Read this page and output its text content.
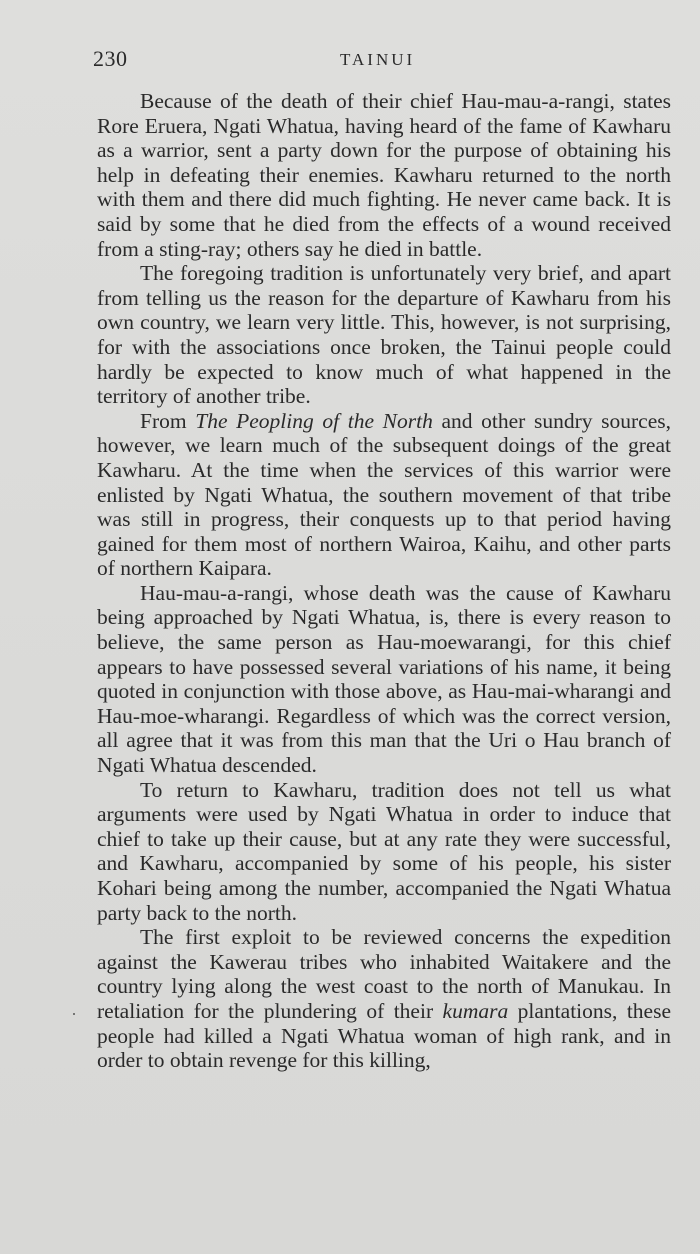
230	TAINUI

Because of the death of their chief Hau-mau-a-rangi, states Rore Eruera, Ngati Whatua, having heard of the fame of Kawharu as a warrior, sent a party down for the purpose of obtaining his help in defeating their enemies. Kawharu returned to the north with them and there did much fighting. He never came back. It is said by some that he died from the effects of a wound received from a sting-ray; others say he died in battle.

The foregoing tradition is unfortunately very brief, and apart from telling us the reason for the departure of Kawharu from his own country, we learn very little. This, however, is not surprising, for with the associations once broken, the Tainui people could hardly be expected to know much of what happened in the territory of another tribe.

From The Peopling of the North and other sundry sources, however, we learn much of the subsequent doings of the great Kawharu. At the time when the services of this warrior were enlisted by Ngati Whatua, the southern movement of that tribe was still in progress, their conquests up to that period having gained for them most of northern Wairoa, Kaihu, and other parts of northern Kaipara.

Hau-mau-a-rangi, whose death was the cause of Kawharu being approached by Ngati Whatua, is, there is every reason to believe, the same person as Hau-moewarangi, for this chief appears to have possessed several variations of his name, it being quoted in conjunction with those above, as Hau-mai-wharangi and Hau-moe-wharangi. Regardless of which was the correct version, all agree that it was from this man that the Uri o Hau branch of Ngati Whatua descended.

To return to Kawharu, tradition does not tell us what arguments were used by Ngati Whatua in order to induce that chief to take up their cause, but at any rate they were successful, and Kawharu, accompanied by some of his people, his sister Kohari being among the number, accompanied the Ngati Whatua party back to the north.

The first exploit to be reviewed concerns the expedition against the Kawerau tribes who inhabited Waitakere and the country lying along the west coast to the north of Manukau. In retaliation for the plundering of their kumara plantations, these people had killed a Ngati Whatua woman of high rank, and in order to obtain revenge for this killing,
